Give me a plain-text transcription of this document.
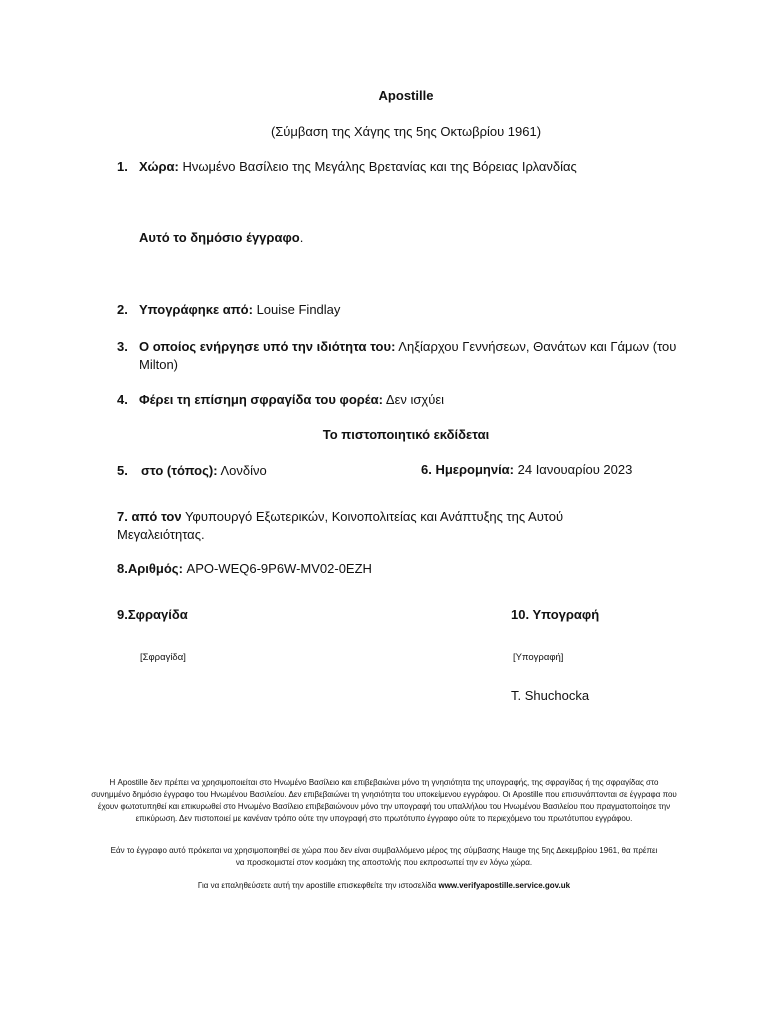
Apostille
(Σύμβαση της Χάγης της 5ης Οκτωβρίου 1961)
1. Χώρα: Ηνωμένο Βασίλειο της Μεγάλης Βρετανίας και της Βόρειας Ιρλανδίας
Αυτό το δημόσιο έγγραφο.
2. Υπογράφηκε από: Louise Findlay
3. Ο οποίος ενήργησε υπό την ιδιότητα του: Ληξίαρχου Γεννήσεων, Θανάτων και Γάμων (του Milton)
4. Φέρει τη επίσημη σφραγίδα του φορέα: Δεν ισχύει
Το πιστοποιητικό εκδίδεται
5. στο (τόπος): Λονδίνο	6. Ημερομηνία: 24 Ιανουαρίου 2023
7. από τον Υφυπουργό Εξωτερικών, Κοινοπολιτείας και Ανάπτυξης της Αυτού Μεγαλειότητας.
8.Αριθμός: APO-WEQ6-9P6W-MV02-0EZH
9.Σφραγίδα
[Σφραγίδα]
10. Υπογραφή
[Υπογραφή]
T. Shuchocka
Η Apostille δεν πρέπει να χρησιμοποιείται στο Ηνωμένο Βασίλειο και επιβεβαιώνει μόνο τη γνησιότητα της υπογραφής, της σφραγίδας ή της σφραγίδας στο συνημμένο δημόσιο έγγραφο του Ηνωμένου Βασιλείου. Δεν επιβεβαιώνει τη γνησιότητα του υποκείμενου εγγράφου. Οι Apostille που επισυνάπτονται σε έγγραφα που έχουν φωτοτυπηθεί και επικυρωθεί στο Ηνωμένο Βασίλειο επιβεβαιώνουν μόνο την υπογραφή του υπαλλήλου του Ηνωμένου Βασιλείου που πραγματοποίησε την επικύρωση. Δεν πιστοποιεί με κανέναν τρόπο ούτε την υπογραφή στο πρωτότυπο έγγραφο ούτε το περιεχόμενο του πρωτότυπου εγγράφου.
Εάν το έγγραφο αυτό πρόκειται να χρησιμοποιηθεί σε χώρα που δεν είναι συμβαλλόμενο μέρος της σύμβασης Hauge της 5ης Δεκεμβρίου 1961, θα πρέπει να προσκομιστεί στον κοσμάκη της αποστολής που εκπροσωπεί την εν λόγω χώρα.
Για να επαληθεύσετε αυτή την apostille επισκεφθείτε την ιστοσελίδα www.verifyapostille.service.gov.uk
